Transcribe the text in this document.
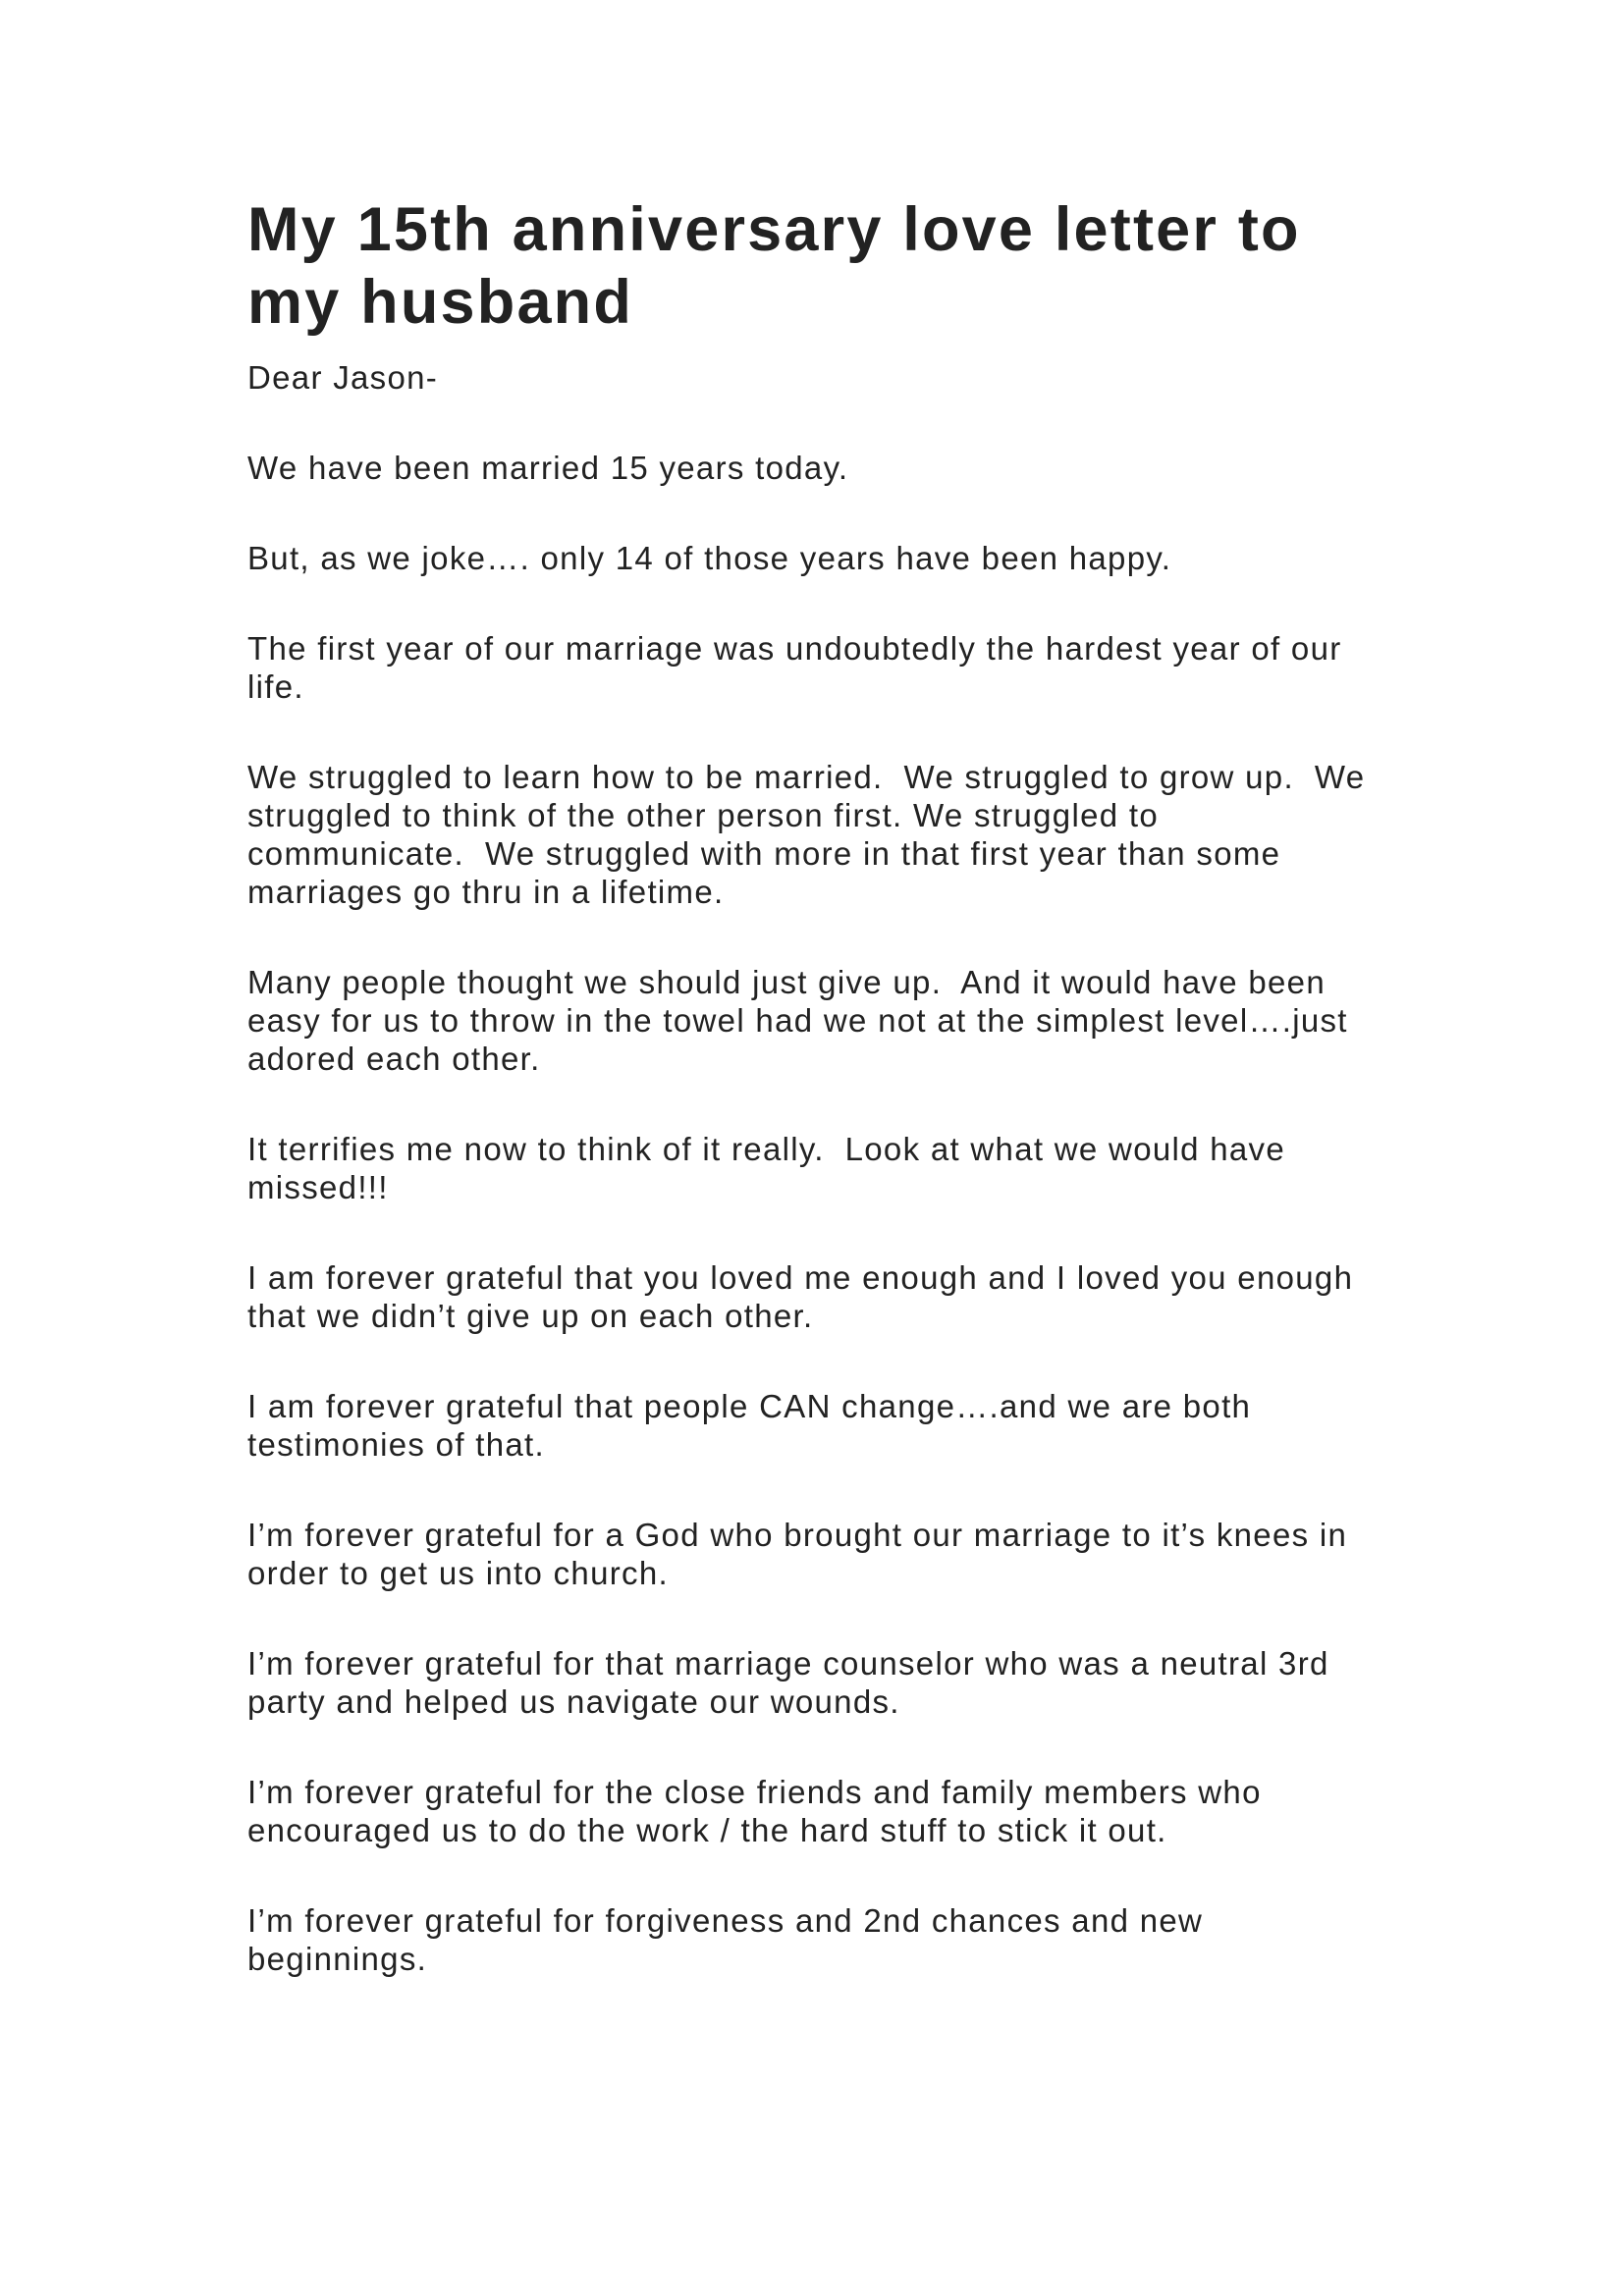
My 15th anniversary love letter to my husband

Dear Jason-

We have been married 15 years today.

But, as we joke…. only 14 of those years have been happy.

The first year of our marriage was undoubtedly the hardest year of our life.

We struggled to learn how to be married.  We struggled to grow up.  We struggled to think of the other person first. We struggled to communicate.  We struggled with more in that first year than some marriages go thru in a lifetime.

Many people thought we should just give up.  And it would have been easy for us to throw in the towel had we not at the simplest level….just adored each other.

It terrifies me now to think of it really.  Look at what we would have missed!!!

I am forever grateful that you loved me enough and I loved you enough that we didn’t give up on each other.

I am forever grateful that people CAN change….and we are both testimonies of that.

I’m forever grateful for a God who brought our marriage to it’s knees in order to get us into church.

I’m forever grateful for that marriage counselor who was a neutral 3rd party and helped us navigate our wounds.

I’m forever grateful for the close friends and family members who encouraged us to do the work / the hard stuff to stick it out.

I’m forever grateful for forgiveness and 2nd chances and new beginnings.
